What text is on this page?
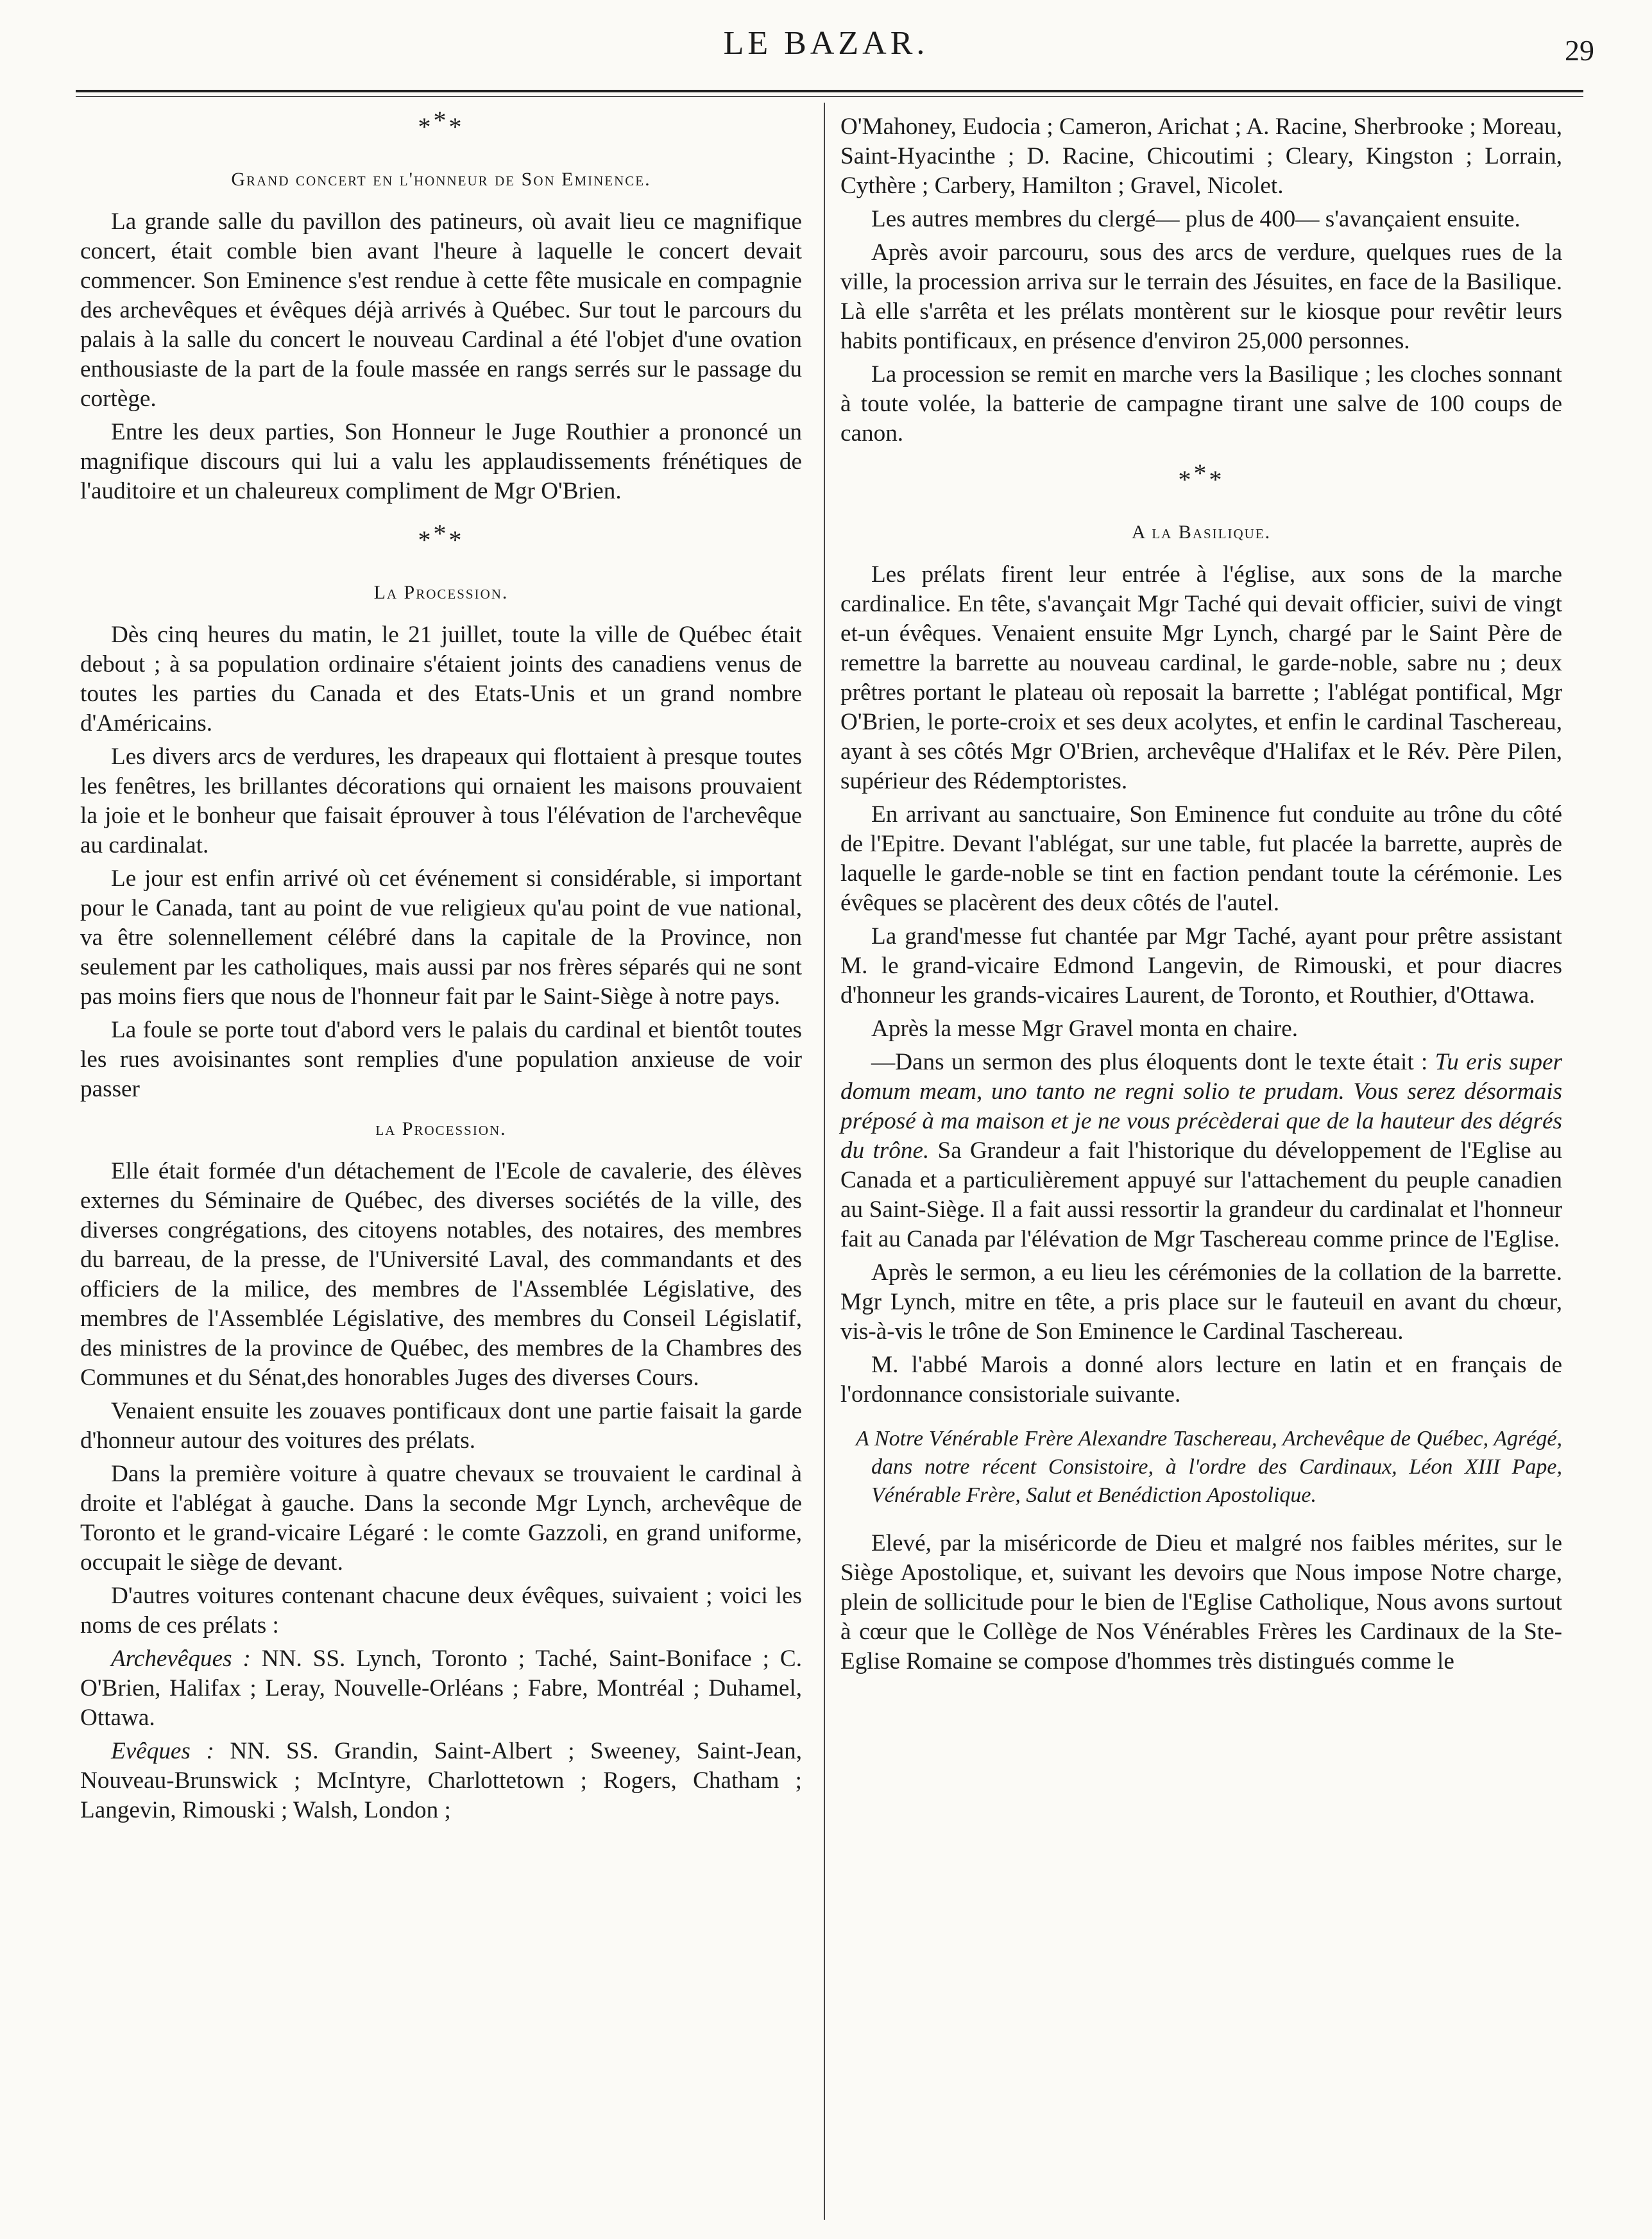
LE BAZAR.	29
***
Grand concert en l'honneur de Son Eminence.

La grande salle du pavillon des patineurs, où avait lieu ce magnifique concert, était comble bien avant l'heure à laquelle le concert devait commencer. Son Eminence s'est rendue à cette fête musicale en compagnie des archevêques et évêques déjà arrivés à Québec. Sur tout le parcours du palais à la salle du concert le nouveau Cardinal a été l'objet d'une ovation enthousiaste de la part de la foule massée en rangs serrés sur le passage du cortège.

Entre les deux parties, Son Honneur le Juge Routhier a prononcé un magnifique discours qui lui a valu les applaudissements frénétiques de l'auditoire et un chaleureux compliment de Mgr O'Brien.

***
La Procession.

Dès cinq heures du matin, le 21 juillet, toute la ville de Québec était debout ; à sa population ordinaire s'étaient joints des canadiens venus de toutes les parties du Canada et des Etats-Unis et un grand nombre d'Américains.

Les divers arcs de verdures, les drapeaux qui flottaient à presque toutes les fenêtres, les brillantes décorations qui ornaient les maisons prouvaient la joie et le bonheur que faisait éprouver à tous l'élévation de l'archevêque au cardinalat.

Le jour est enfin arrivé où cet événement si considérable, si important pour le Canada, tant au point de vue religieux qu'au point de vue national, va être solennellement célébré dans la capitale de la Province, non seulement par les catholiques, mais aussi par nos frères séparés qui ne sont pas moins fiers que nous de l'honneur fait par le Saint-Siège à notre pays.

La foule se porte tout d'abord vers le palais du cardinal et bientôt toutes les rues avoisinantes sont remplies d'une population anxieuse de voir passer

la Procession.

Elle était formée d'un détachement de l'Ecole de cavalerie, des élèves externes du Séminaire de Québec, des diverses sociétés de la ville, des diverses congrégations, des citoyens notables, des notaires, des membres du barreau, de la presse, de l'Université Laval, des commandants et des officiers de la milice, des membres de l'Assemblée Législative, des membres de l'Assemblée Législative, des membres du Conseil Législatif, des ministres de la province de Québec, des membres de la Chambres des Communes et du Sénat,des honorables Juges des diverses Cours.

Venaient ensuite les zouaves pontificaux dont une partie faisait la garde d'honneur autour des voitures des prélats.

Dans la première voiture à quatre chevaux se trouvaient le cardinal à droite et l'ablégat à gauche. Dans la seconde Mgr Lynch, archevêque de Toronto et le grand-vicaire Légaré : le comte Gazzoli, en grand uniforme, occupait le siège de devant.

D'autres voitures contenant chacune deux évêques, suivaient ; voici les noms de ces prélats :

Archevêques : NN. SS. Lynch, Toronto ; Taché, Saint-Boniface ; C. O'Brien, Halifax ; Leray, Nouvelle-Orléans ; Fabre, Montréal ; Duhamel, Ottawa.

Evêques : NN. SS. Grandin, Saint-Albert ; Sweeney, Saint-Jean, Nouveau-Brunswick ; McIntyre, Charlottetown ; Rogers, Chatham ; Langevin, Rimouski ; Walsh, London ;

O'Mahoney, Eudocia ; Cameron, Arichat ; A. Racine, Sherbrooke ; Moreau, Saint-Hyacinthe ; D. Racine, Chicoutimi ; Cleary, Kingston ; Lorrain, Cythère ; Carbery, Hamilton ; Gravel, Nicolet.

Les autres membres du clergé— plus de 400— s'avançaient ensuite.

Après avoir parcouru, sous des arcs de verdure, quelques rues de la ville, la procession arriva sur le terrain des Jésuites, en face de la Basilique. Là elle s'arrêta et les prélats montèrent sur le kiosque pour revêtir leurs habits pontificaux, en présence d'environ 25,000 personnes.

La procession se remit en marche vers la Basilique ; les cloches sonnant à toute volée, la batterie de campagne tirant une salve de 100 coups de canon.

***
A la Basilique.

Les prélats firent leur entrée à l'église, aux sons de la marche cardinalice. En tête, s'avançait Mgr Taché qui devait officier, suivi de vingt et-un évêques. Venaient ensuite Mgr Lynch, chargé par le Saint Père de remettre la barrette au nouveau cardinal, le garde-noble, sabre nu ; deux prêtres portant le plateau où reposait la barrette ; l'ablégat pontifical, Mgr O'Brien, le porte-croix et ses deux acolytes, et enfin le cardinal Taschereau, ayant à ses côtés Mgr O'Brien, archevêque d'Halifax et le Rév. Père Pilen, supérieur des Rédemptoristes.

En arrivant au sanctuaire, Son Eminence fut conduite au trône du côté de l'Epitre. Devant l'ablégat, sur une table, fut placée la barrette, auprès de laquelle le garde-noble se tint en faction pendant toute la cérémonie. Les évêques se placèrent des deux côtés de l'autel.

La grand'messe fut chantée par Mgr Taché, ayant pour prêtre assistant M. le grand-vicaire Edmond Langevin, de Rimouski, et pour diacres d'honneur les grands-vicaires Laurent, de Toronto, et Routhier, d'Ottawa.

Après la messe Mgr Gravel monta en chaire.

—Dans un sermon des plus éloquents dont le texte était : Tu eris super domum meam, uno tanto ne regni solio te prudam. Vous serez désormais préposé à ma maison et je ne vous précèderai que de la hauteur des dégrés du trône. Sa Grandeur a fait l'historique du développement de l'Eglise au Canada et a particulièrement appuyé sur l'attachement du peuple canadien au Saint-Siège. Il a fait aussi ressortir la grandeur du cardinalat et l'honneur fait au Canada par l'élévation de Mgr Taschereau comme prince de l'Eglise.

Après le sermon, a eu lieu les cérémonies de la collation de la barrette. Mgr Lynch, mitre en tête, a pris place sur le fauteuil en avant du chœur, vis-à-vis le trône de Son Eminence le Cardinal Taschereau.

M. l'abbé Marois a donné alors lecture en latin et en français de l'ordonnance consistoriale suivante.

A Notre Vénérable Frère Alexandre Taschereau, Archevêque de Québec, Agrégé, dans notre récent Consistoire, à l'ordre des Cardinaux, Léon XIII Pape, Vénérable Frère, Salut et Benédiction Apostolique.

Elevé, par la miséricorde de Dieu et malgré nos faibles mérites, sur le Siège Apostolique, et, suivant les devoirs que Nous impose Notre charge, plein de sollicitude pour le bien de l'Eglise Catholique, Nous avons surtout à cœur que le Collège de Nos Vénérables Frères les Cardinaux de la Ste-Eglise Romaine se compose d'hommes très distingués comme le
